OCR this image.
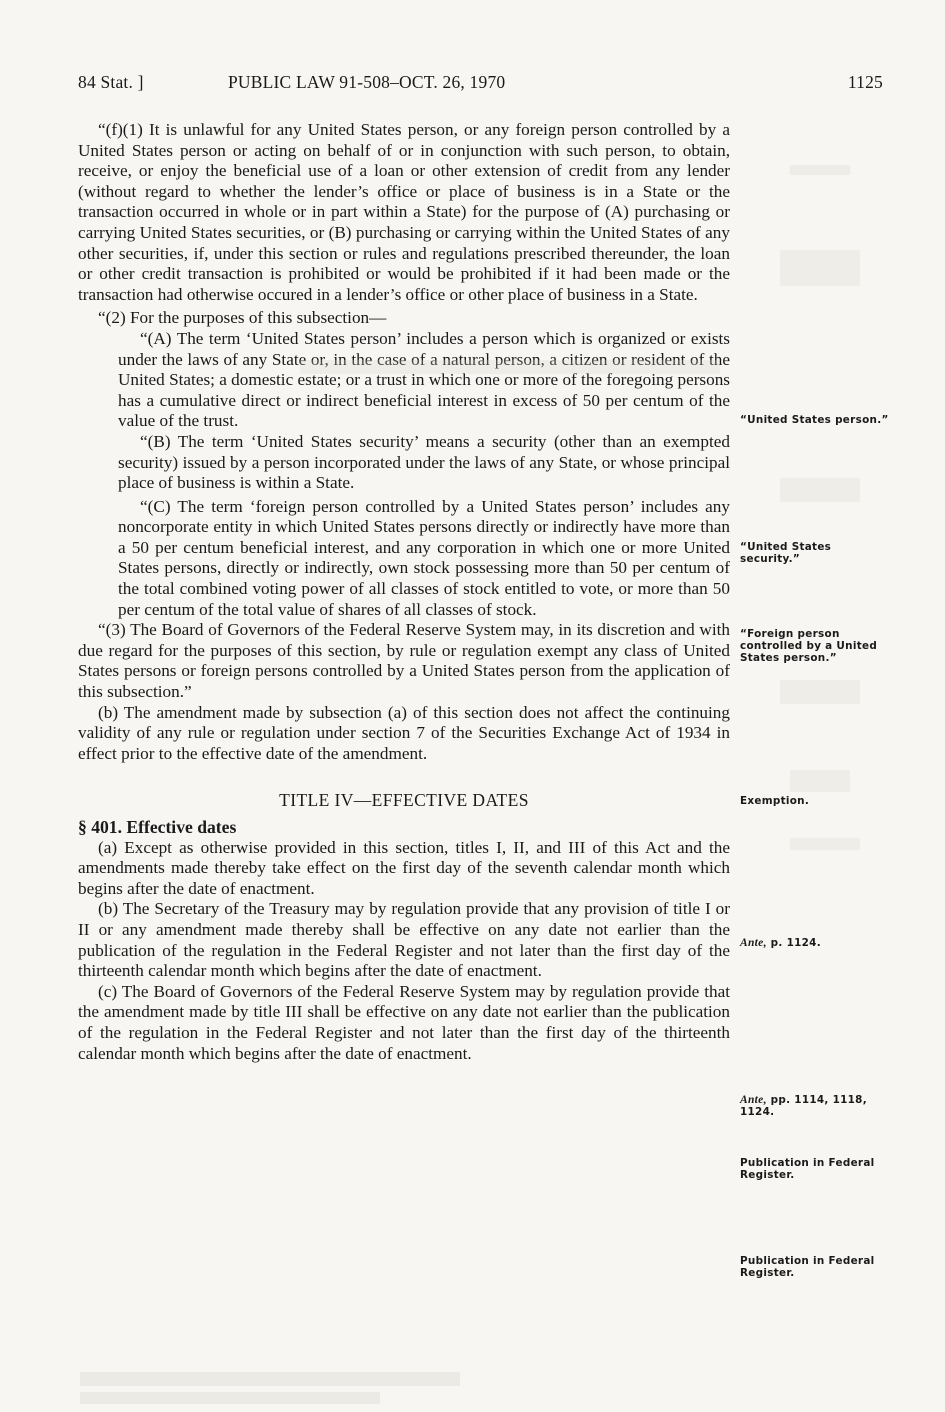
84 Stat. ]	PUBLIC LAW 91-508–OCT. 26, 1970	1125

“(f)(1) It is unlawful for any United States person, or any foreign person controlled by a United States person or acting on behalf of or in conjunction with such person, to obtain, receive, or enjoy the beneficial use of a loan or other extension of credit from any lender (without regard to whether the lender’s office or place of business is in a State or the transaction occurred in whole or in part within a State) for the purpose of (A) purchasing or carrying United States securities, or (B) purchasing or carrying within the United States of any other securities, if, under this section or rules and regulations prescribed thereunder, the loan or other credit transaction is prohibited or would be prohibited if it had been made or the transaction had otherwise occured in a lender’s office or other place of business in a State.

“(2) For the purposes of this subsection—

“(A) The term ‘United States person’ includes a person which is organized or exists under the laws of any State or, in the case of a natural person, a citizen or resident of the United States; a domestic estate; or a trust in which one or more of the foregoing persons has a cumulative direct or indirect beneficial interest in excess of 50 per centum of the value of the trust.

“(B) The term ‘United States security’ means a security (other than an exempted security) issued by a person incorporated under the laws of any State, or whose principal place of business is within a State.

“(C) The term ‘foreign person controlled by a United States person’ includes any noncorporate entity in which United States persons directly or indirectly have more than a 50 per centum beneficial interest, and any corporation in which one or more United States persons, directly or indirectly, own stock possessing more than 50 per centum of the total combined voting power of all classes of stock entitled to vote, or more than 50 per centum of the total value of shares of all classes of stock.

“(3) The Board of Governors of the Federal Reserve System may, in its discretion and with due regard for the purposes of this section, by rule or regulation exempt any class of United States persons or foreign persons controlled by a United States person from the application of this subsection.”

(b) The amendment made by subsection (a) of this section does not affect the continuing validity of any rule or regulation under section 7 of the Securities Exchange Act of 1934 in effect prior to the effective date of the amendment.

TITLE IV—EFFECTIVE DATES

§ 401. Effective dates

(a) Except as otherwise provided in this section, titles I, II, and III of this Act and the amendments made thereby take effect on the first day of the seventh calendar month which begins after the date of enactment.

(b) The Secretary of the Treasury may by regulation provide that any provision of title I or II or any amendment made thereby shall be effective on any date not earlier than the publication of the regulation in the Federal Register and not later than the first day of the thirteenth calendar month which begins after the date of enactment.

(c) The Board of Governors of the Federal Reserve System may by regulation provide that the amendment made by title III shall be effective on any date not earlier than the publication of the regulation in the Federal Register and not later than the first day of the thirteenth calendar month which begins after the date of enactment.

“United States person.”
“United States security.”
“Foreign person controlled by a United States person.”
Exemption.
Ante, p. 1124.
Ante, pp. 1114, 1118, 1124.
Publication in Federal Register.
Publication in Federal Register.
